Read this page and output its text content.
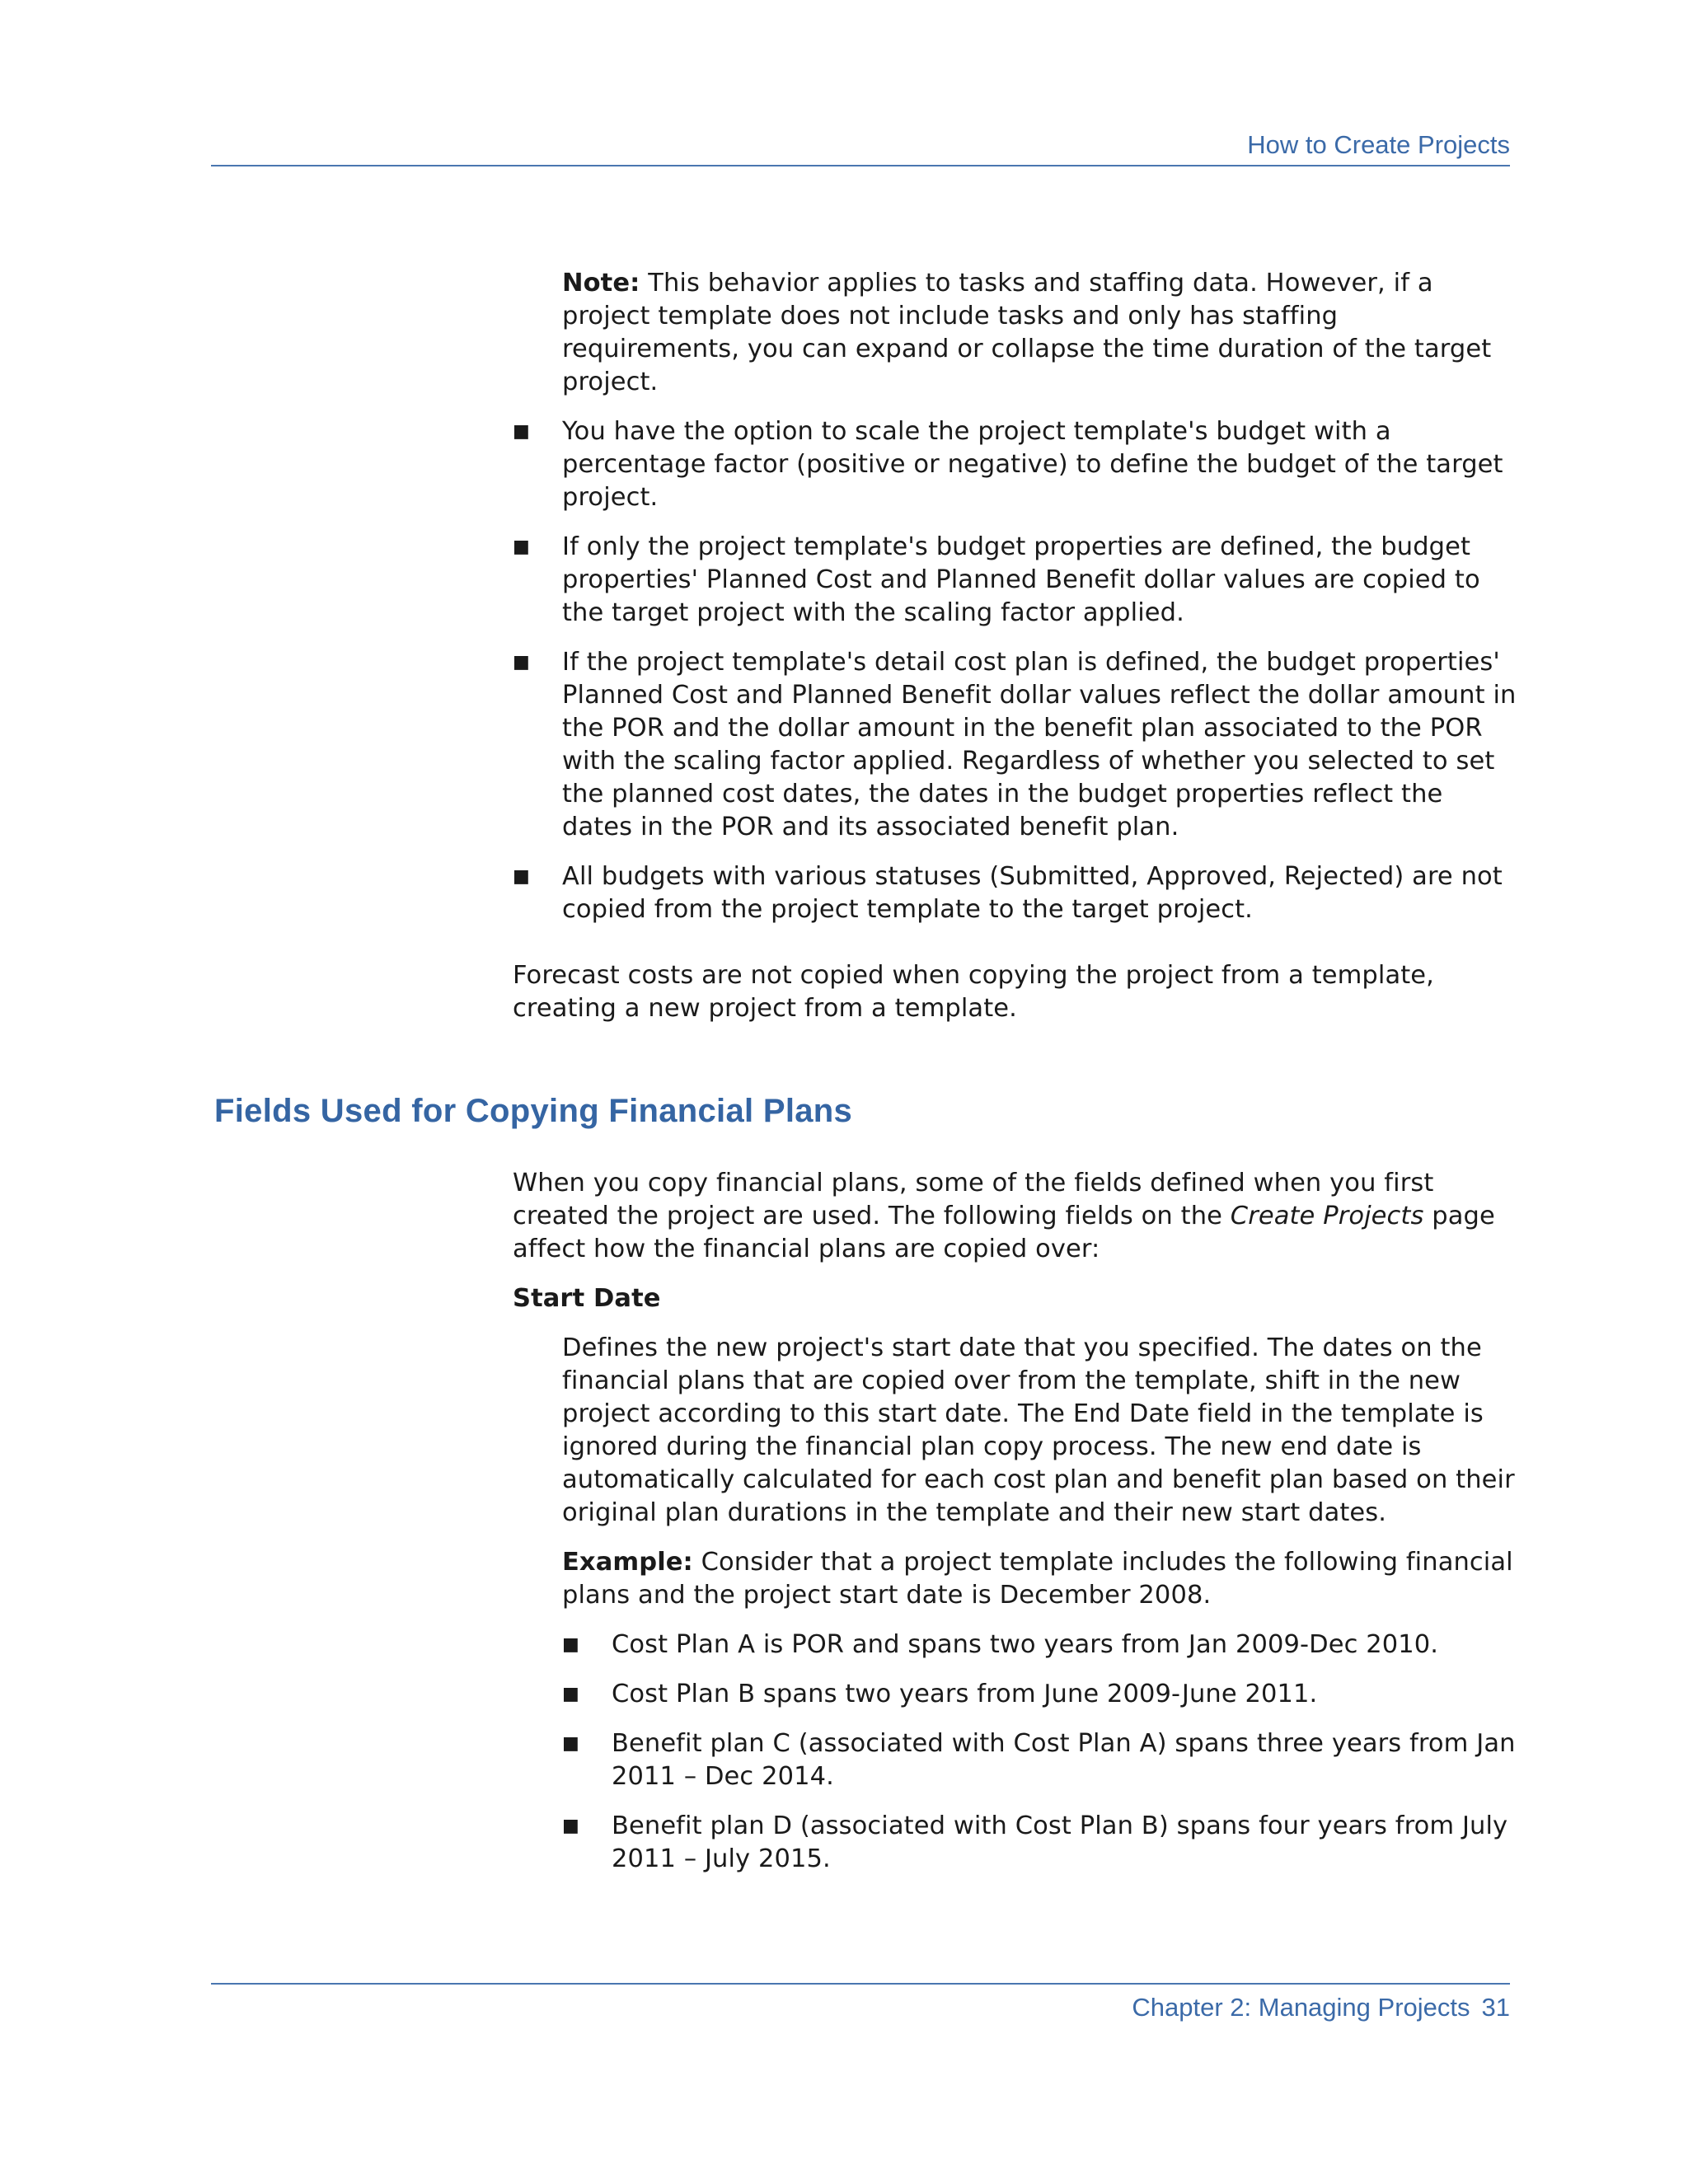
How to Create Projects
Note: This behavior applies to tasks and staffing data. However, if a project template does not include tasks and only has staffing requirements, you can expand or collapse the time duration of the target project.
■	You have the option to scale the project template's budget with a percentage factor (positive or negative) to define the budget of the target project.
■	If only the project template's budget properties are defined, the budget properties' Planned Cost and Planned Benefit dollar values are copied to the target project with the scaling factor applied.
■	If the project template's detail cost plan is defined, the budget properties' Planned Cost and Planned Benefit dollar values reflect the dollar amount in the POR and the dollar amount in the benefit plan associated to the POR with the scaling factor applied. Regardless of whether you selected to set the planned cost dates, the dates in the budget properties reflect the dates in the POR and its associated benefit plan.
■	All budgets with various statuses (Submitted, Approved, Rejected) are not copied from the project template to the target project.
Forecast costs are not copied when copying the project from a template, creating a new project from a template.
Fields Used for Copying Financial Plans
When you copy financial plans, some of the fields defined when you first created the project are used. The following fields on the Create Projects page affect how the financial plans are copied over:
Start Date
Defines the new project's start date that you specified. The dates on the financial plans that are copied over from the template, shift in the new project according to this start date. The End Date field in the template is ignored during the financial plan copy process. The new end date is automatically calculated for each cost plan and benefit plan based on their original plan durations in the template and their new start dates.
Example: Consider that a project template includes the following financial plans and the project start date is December 2008.
■	Cost Plan A is POR and spans two years from Jan 2009-Dec 2010.
■	Cost Plan B spans two years from June 2009-June 2011.
■	Benefit plan C (associated with Cost Plan A) spans three years from Jan 2011 – Dec 2014.
■	Benefit plan D (associated with Cost Plan B) spans four years from July 2011 – July 2015.
Chapter 2: Managing Projects 31
